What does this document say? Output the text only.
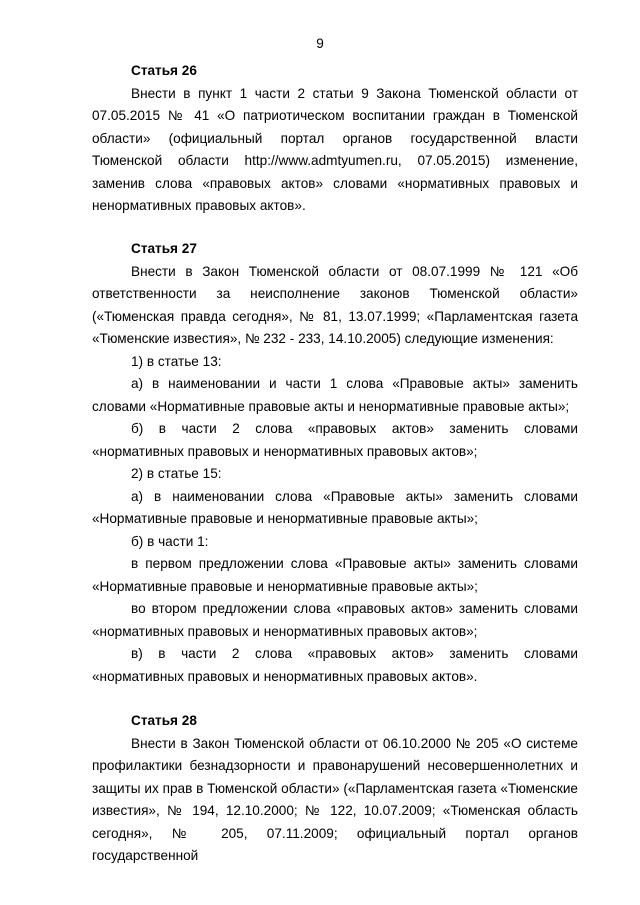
9
Статья 26

Внести в пункт 1 части 2 статьи 9 Закона Тюменской области от 07.05.2015 № 41 «О патриотическом воспитании граждан в Тюменской области» (официальный портал органов государственной власти Тюменской области http://www.admtyumen.ru, 07.05.2015) изменение, заменив слова «правовых актов» словами «нормативных правовых и ненормативных правовых актов».

Статья 27

Внести в Закон Тюменской области от 08.07.1999 № 121 «Об ответственности за неисполнение законов Тюменской области» («Тюменская правда сегодня», № 81, 13.07.1999; «Парламентская газета «Тюменские известия», № 232 - 233, 14.10.2005) следующие изменения:

1) в статье 13:

а) в наименовании и части 1 слова «Правовые акты» заменить словами «Нормативные правовые акты и ненормативные правовые акты»;

б) в части 2 слова «правовых актов» заменить словами «нормативных правовых и ненормативных правовых актов»;

2) в статье 15:

а) в наименовании слова «Правовые акты» заменить словами «Нормативные правовые и ненормативные правовые акты»;

б) в части 1:

в первом предложении слова «Правовые акты» заменить словами «Нормативные правовые и ненормативные правовые акты»;

во втором предложении слова «правовых актов» заменить словами «нормативных правовых и ненормативных правовых актов»;

в) в части 2 слова «правовых актов» заменить словами «нормативных правовых и ненормативных правовых актов».

Статья 28

Внести в Закон Тюменской области от 06.10.2000 № 205 «О системе профилактики безнадзорности и правонарушений несовершеннолетних и защиты их прав в Тюменской области» («Парламентская газета «Тюменские известия», № 194, 12.10.2000; № 122, 10.07.2009; «Тюменская область сегодня», № 205, 07.11.2009; официальный портал органов государственной
